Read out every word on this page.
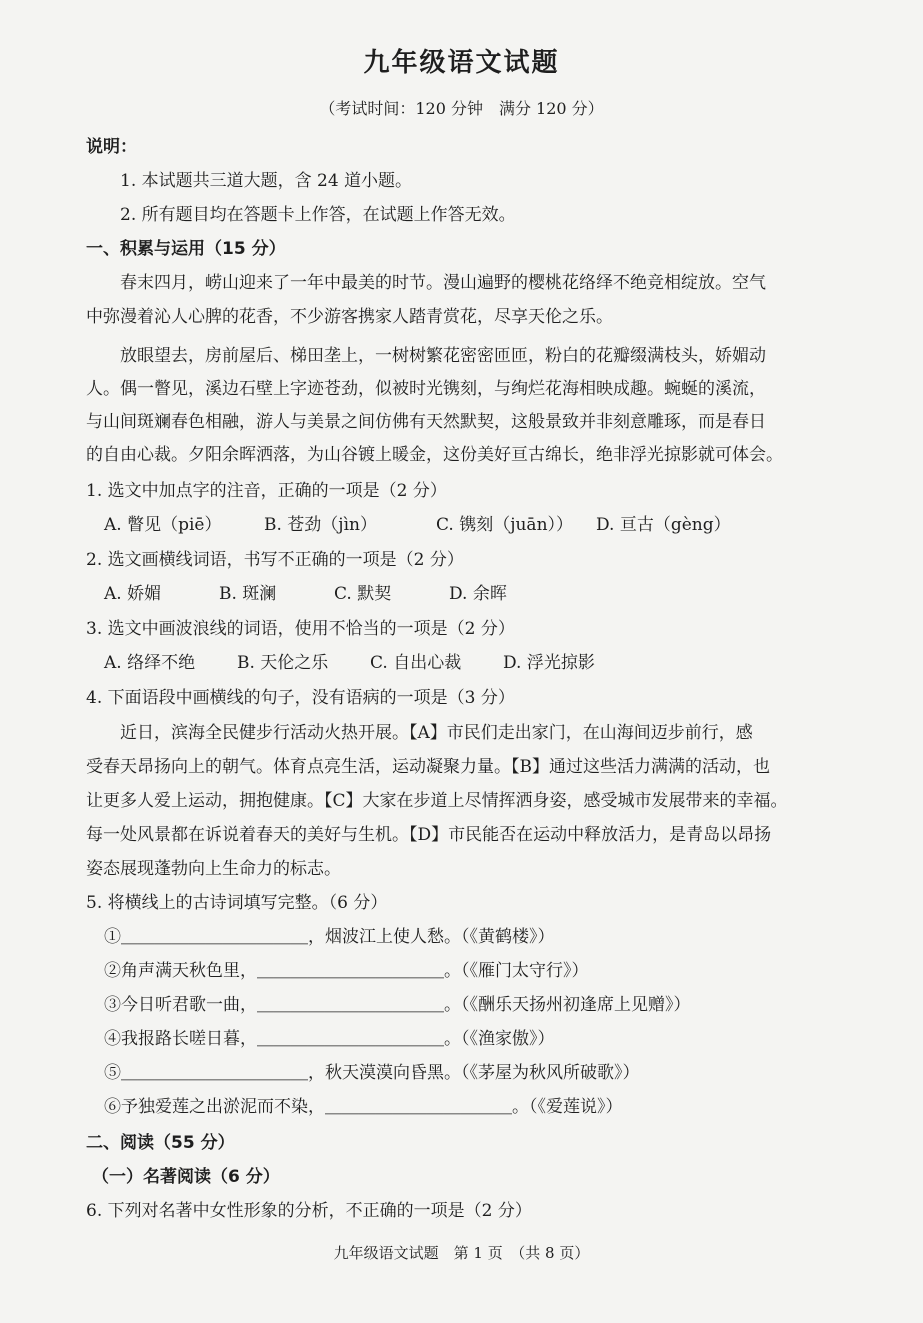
九年级语文试题
（考试时间：120 分钟　满分 120 分）
说明：
1. 本试题共三道大题，含 24 道小题。
2. 所有题目均在答题卡上作答，在试题上作答无效。
一、积累与运用（15 分）
春末四月，崂山迎来了一年中最美的时节。漫山遍野的樱桃花络绎不绝竞相绽放。空气
中弥漫着沁人心脾的花香，不少游客携家人踏青赏花，尽享天伦之乐。
放眼望去，房前屋后、梯田垄上，一树树繁花密密匝匝，粉白的花瓣缀满枝头，娇媚动
人。偶一瞥见，溪边石壁上字迹苍劲，似被时光镌刻，与绚烂花海相映成趣。蜿蜒的溪流，
与山间斑斓春色相融，游人与美景之间仿佛有天然默契，这般景致并非刻意雕琢，而是春日
的自由心裁。夕阳余晖洒落，为山谷镀上暖金，这份美好亘古绵长，绝非浮光掠影就可体会。
1. 选文中加点字的注音，正确的一项是（2 分）
A. 瞥见（piē）	B. 苍劲（jìn）	C. 镌刻（juān）） D. 亘古（gèng）
2. 选文画横线词语，书写不正确的一项是（2 分）
A. 娇媚	B. 斑澜	C. 默契	D. 余晖
3. 选文中画波浪线的词语，使用不恰当的一项是（2 分）
A. 络绎不绝 B. 天伦之乐 C. 自出心裁 D. 浮光掠影
4. 下面语段中画横线的句子，没有语病的一项是（3 分）
近日，滨海全民健步行活动火热开展。【A】市民们走出家门，在山海间迈步前行，感
受春天昂扬向上的朝气。体育点亮生活，运动凝聚力量。【B】通过这些活力满满的活动，也
让更多人爱上运动，拥抱健康。【C】大家在步道上尽情挥洒身姿，感受城市发展带来的幸福。
每一处风景都在诉说着春天的美好与生机。【D】市民能否在运动中释放活力，是青岛以昂扬
姿态展现蓬勃向上生命力的标志。
5. 将横线上的古诗词填写完整。（6 分）
①＿＿＿＿＿＿＿＿＿＿＿，烟波江上使人愁。（《黄鹤楼》）
②角声满天秋色里，＿＿＿＿＿＿＿＿＿＿＿。（《雁门太守行》）
③今日听君歌一曲，＿＿＿＿＿＿＿＿＿＿＿。（《酬乐天扬州初逢席上见赠》）
④我报路长嗟日暮，＿＿＿＿＿＿＿＿＿＿＿。（《渔家傲》）
⑤＿＿＿＿＿＿＿＿＿＿＿，秋天漠漠向昏黑。（《茅屋为秋风所破歌》）
⑥予独爱莲之出淤泥而不染，＿＿＿＿＿＿＿＿＿＿＿。（《爱莲说》）
二、阅读（55 分）
（一）名著阅读（6 分）
6. 下列对名著中女性形象的分析，不正确的一项是（2 分）
九年级语文试题　第 1 页　（共 8 页）
